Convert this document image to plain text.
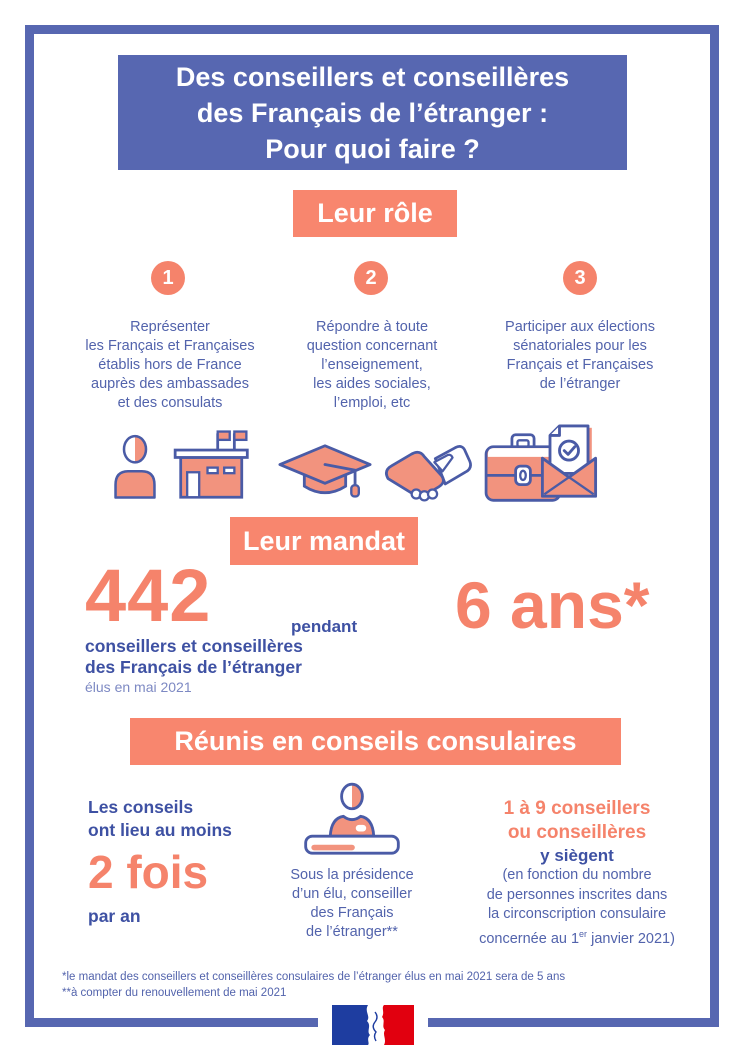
Des conseillers et conseillères
des Français de l’étranger :
Pour quoi faire ?
Leur rôle
1	2	3
Représenter
les Français et Françaises
établis hors de France
auprès des ambassades
et des consulats
Répondre à toute
question concernant
l’enseignement,
les aides sociales,
l’emploi, etc
Participer aux élections
sénatoriales pour les
Français et Françaises
de l’étranger
Leur mandat
442
conseillers et conseillères
des Français de l’étranger
élus en mai 2021
pendant 6 ans*
Réunis en conseils consulaires
Les conseils
ont lieu au moins
2 fois
par an
Sous la présidence
d’un élu, conseiller
des Français
de l’étranger**
1 à 9 conseillers
ou conseillères
y siègent
(en fonction du nombre
de personnes inscrites dans
la circonscription consulaire
concernée au 1er janvier 2021)
*le mandat des conseillers et conseillères consulaires de l’étranger élus en mai 2021 sera de 5 ans
**à compter du renouvellement de mai 2021
